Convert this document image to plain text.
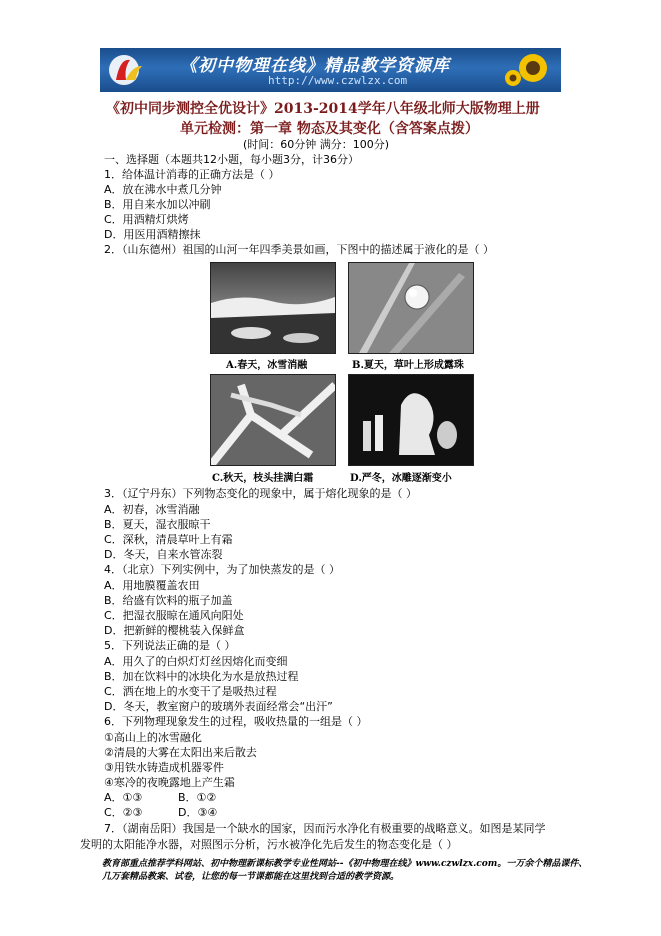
《初中物理在线》精品教学资源库
http://www.czwlzx.com
《初中同步测控全优设计》2013-2014学年八年级北师大版物理上册
单元检测：第一章 物态及其变化（含答案点拨）
(时间：60分钟 满分：100分)
一、选择题（本题共12小题，每小题3分，计36分）
1．给体温计消毒的正确方法是（ ）
A．放在沸水中煮几分钟
B．用自来水加以冲刷
C．用酒精灯烘烤
D．用医用酒精擦抹
2．（山东德州）祖国的山河一年四季美景如画，下图中的描述属于液化的是（ ）
A.春天，冰雪消融	B.夏天，草叶上形成露珠
C.秋天，枝头挂满白霜	D.严冬，冰雕逐渐变小
3．（辽宁丹东）下列物态变化的现象中，属于熔化现象的是（ ）
A．初春，冰雪消融
B．夏天，湿衣服晾干
C．深秋，清晨草叶上有霜
D．冬天，自来水管冻裂
4．（北京）下列实例中，为了加快蒸发的是（ ）
A．用地膜覆盖农田
B．给盛有饮料的瓶子加盖
C．把湿衣服晾在通风向阳处
D．把新鲜的樱桃装入保鲜盒
5．下列说法正确的是（ ）
A．用久了的白炽灯灯丝因熔化而变细
B．加在饮料中的冰块化为水是放热过程
C．洒在地上的水变干了是吸热过程
D．冬天，教室窗户的玻璃外表面经常会“出汗”
6．下列物理现象发生的过程，吸收热量的一组是（ ）
①高山上的冰雪融化
②清晨的大雾在太阳出来后散去
③用铁水铸造成机器零件
④寒冷的夜晚露地上产生霜
A．①③	B．①②
C．②③	D．③④
7．（湖南岳阳）我国是一个缺水的国家，因而污水净化有极重要的战略意义。如图是某同学
发明的太阳能净水器，对照图示分析，污水被净化先后发生的物态变化是（ ）
教育部重点推荐学科网站、初中物理新课标教学专业性网站--《初中物理在线》www.czwlzx.com。一万余个精品课件、
几万套精品教案、试卷，让您的每一节课都能在这里找到合适的教学资源。
